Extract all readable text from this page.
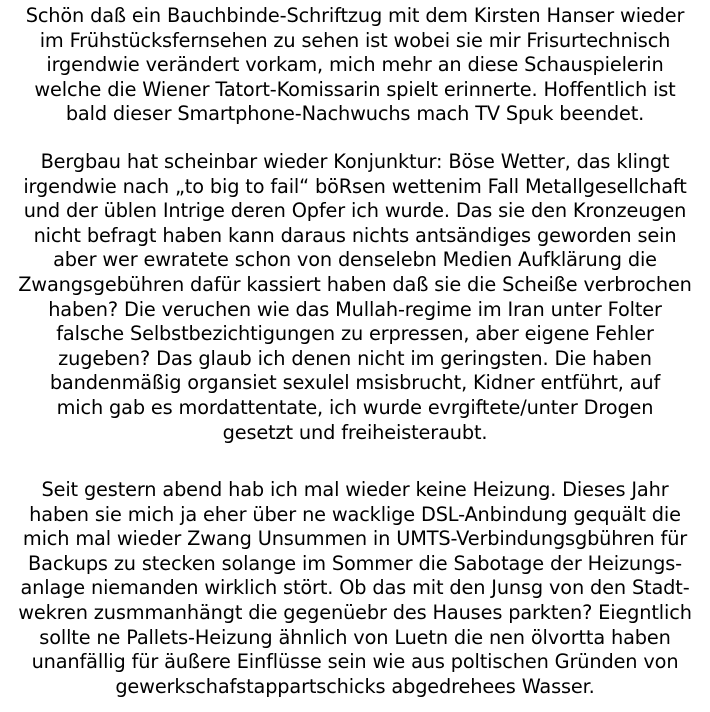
Schön daß ein Bauchbinde-Schriftzug mit dem Kirsten Hanser wieder
im Frühstücksfernsehen zu sehen ist wobei sie mir Frisurtechnisch
irgendwie verändert vorkam, mich mehr an diese Schauspielerin
welche die Wiener Tatort-Komissarin spielt erinnerte. Hoffentlich ist
bald dieser Smartphone-Nachwuchs mach TV Spuk beendet.
Bergbau hat scheinbar wieder Konjunktur: Böse Wetter, das klingt
irgendwie nach „to big to fail“ böRsen wettenim Fall Metallgesellchaft
und der üblen Intrige deren Opfer ich wurde. Das sie den Kronzeugen
nicht befragt haben kann daraus nichts antsändiges geworden sein
aber wer ewratete schon von denselebn Medien Aufklärung die
Zwangsgebühren dafür kassiert haben daß sie die Scheiße verbrochen
haben? Die veruchen wie das Mullah-regime im Iran unter Folter
falsche Selbstbezichtigungen zu erpressen, aber eigene Fehler
zugeben? Das glaub ich denen nicht im geringsten. Die haben
bandenmäßig organsiet sexulel msisbrucht, Kidner entführt, auf
mich gab es mordattentate, ich wurde evrgiftete/unter Drogen
gesetzt und freiheisteraubt.
Seit gestern abend hab ich mal wieder keine Heizung. Dieses Jahr
haben sie mich ja eher über ne wacklige DSL-Anbindung gequält die
mich mal wieder Zwang Unsummen in UMTS-Verbindungsgbühren für
Backups zu stecken solange im Sommer die Sabotage der Heizungs-
anlage niemanden wirklich stört. Ob das mit den Junsg von den Stadt-
wekren zusmmanhängt die gegenüebr des Hauses parkten? Eiegntlich
sollte ne Pallets-Heizung ähnlich von Luetn die nen ölvortta haben
unanfällig für äußere Einflüsse sein wie aus poltischen Gründen von
gewerkschafstappartschicks abgedrehees Wasser.
